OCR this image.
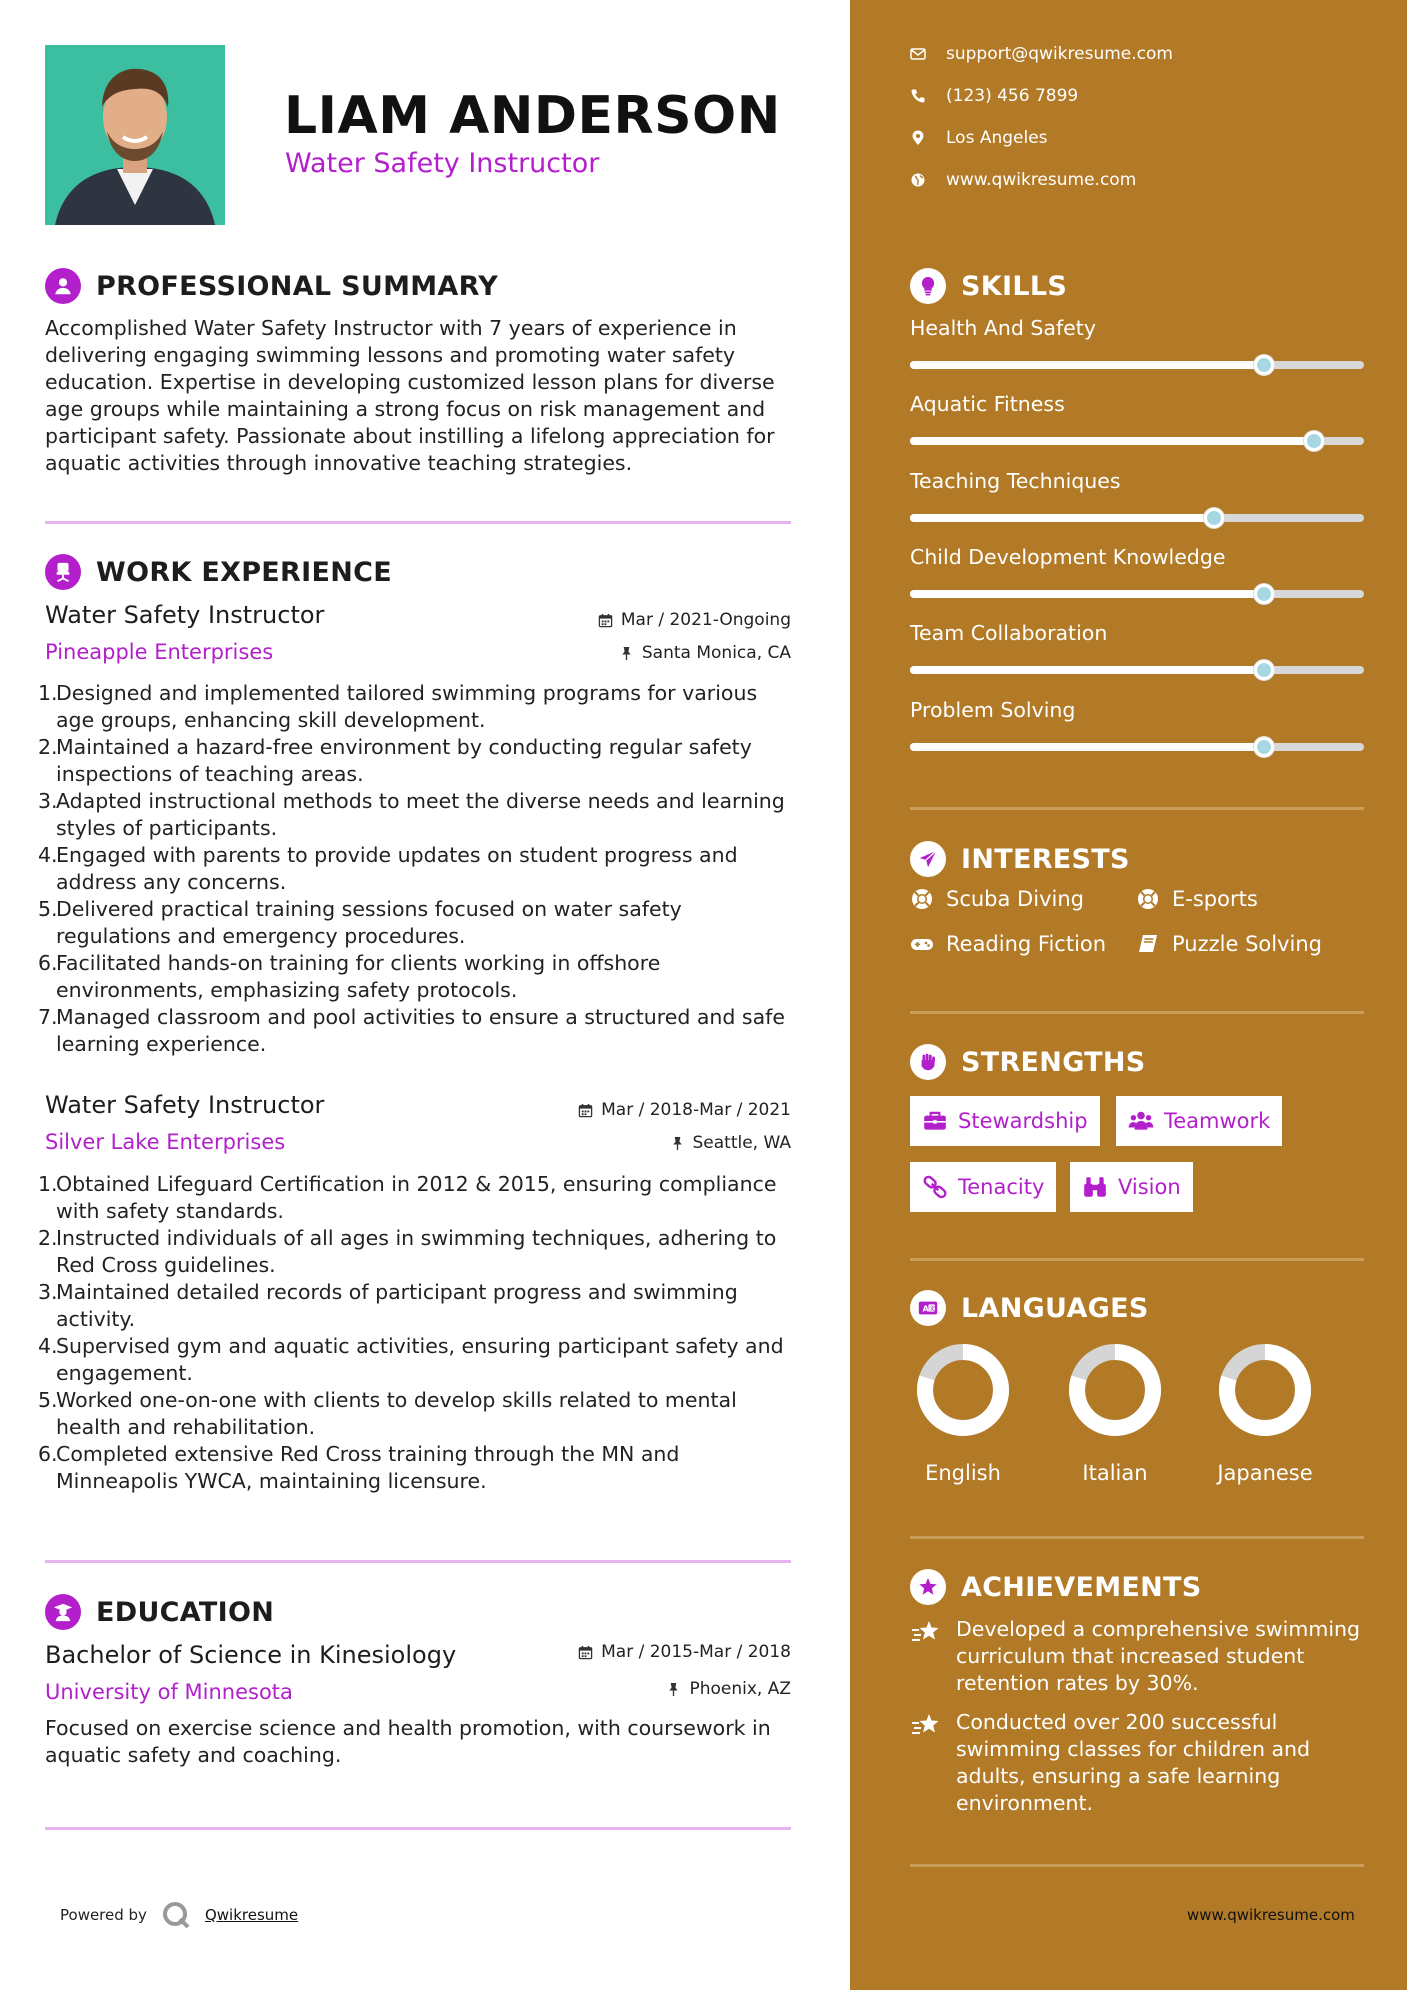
LIAM ANDERSON
Water Safety Instructor
PROFESSIONAL SUMMARY
Accomplished Water Safety Instructor with 7 years of experience in delivering engaging swimming lessons and promoting water safety education. Expertise in developing customized lesson plans for diverse age groups while maintaining a strong focus on risk management and participant safety. Passionate about instilling a lifelong appreciation for aquatic activities through innovative teaching strategies.
WORK EXPERIENCE
Water Safety Instructor
Pineapple Enterprises
Mar / 2021-Ongoing
Santa Monica, CA
1.
Designed and implemented tailored swimming programs for various age groups, enhancing skill development.
2.
Maintained a hazard-free environment by conducting regular safety inspections of teaching areas.
3.
Adapted instructional methods to meet the diverse needs and learning styles of participants.
4.
Engaged with parents to provide updates on student progress and address any concerns.
5.
Delivered practical training sessions focused on water safety regulations and emergency procedures.
6.
Facilitated hands-on training for clients working in offshore environments, emphasizing safety protocols.
7.
Managed classroom and pool activities to ensure a structured and safe learning experience.
Water Safety Instructor
Silver Lake Enterprises
Mar / 2018-Mar / 2021
Seattle, WA
1.
Obtained Lifeguard Certification in 2012 & 2015, ensuring compliance with safety standards.
2.
Instructed individuals of all ages in swimming techniques, adhering to Red Cross guidelines.
3.
Maintained detailed records of participant progress and swimming activity.
4.
Supervised gym and aquatic activities, ensuring participant safety and engagement.
5.
Worked one-on-one with clients to develop skills related to mental health and rehabilitation.
6.
Completed extensive Red Cross training through the MN and Minneapolis YWCA, maintaining licensure.
EDUCATION
Bachelor of Science in Kinesiology
University of Minnesota
Mar / 2015-Mar / 2018
Phoenix, AZ
Focused on exercise science and health promotion, with coursework in aquatic safety and coaching.
Powered by	Qwikresume
support@qwikresume.com
(123) 456 7899
Los Angeles
www.qwikresume.com
SKILLS
Health And Safety
Aquatic Fitness
Teaching Techniques
Child Development Knowledge
Team Collaboration
Problem Solving
INTERESTS
Scuba Diving	E-sports
Reading Fiction	Puzzle Solving
STRENGTHS
Stewardship	Teamwork
Tenacity	Vision
A 文 LANGUAGES
English	Italian	Japanese
ACHIEVEMENTS
Developed a comprehensive swimming curriculum that increased student retention rates by 30%.
Conducted over 200 successful swimming classes for children and adults, ensuring a safe learning environment.
www.qwikresume.com
